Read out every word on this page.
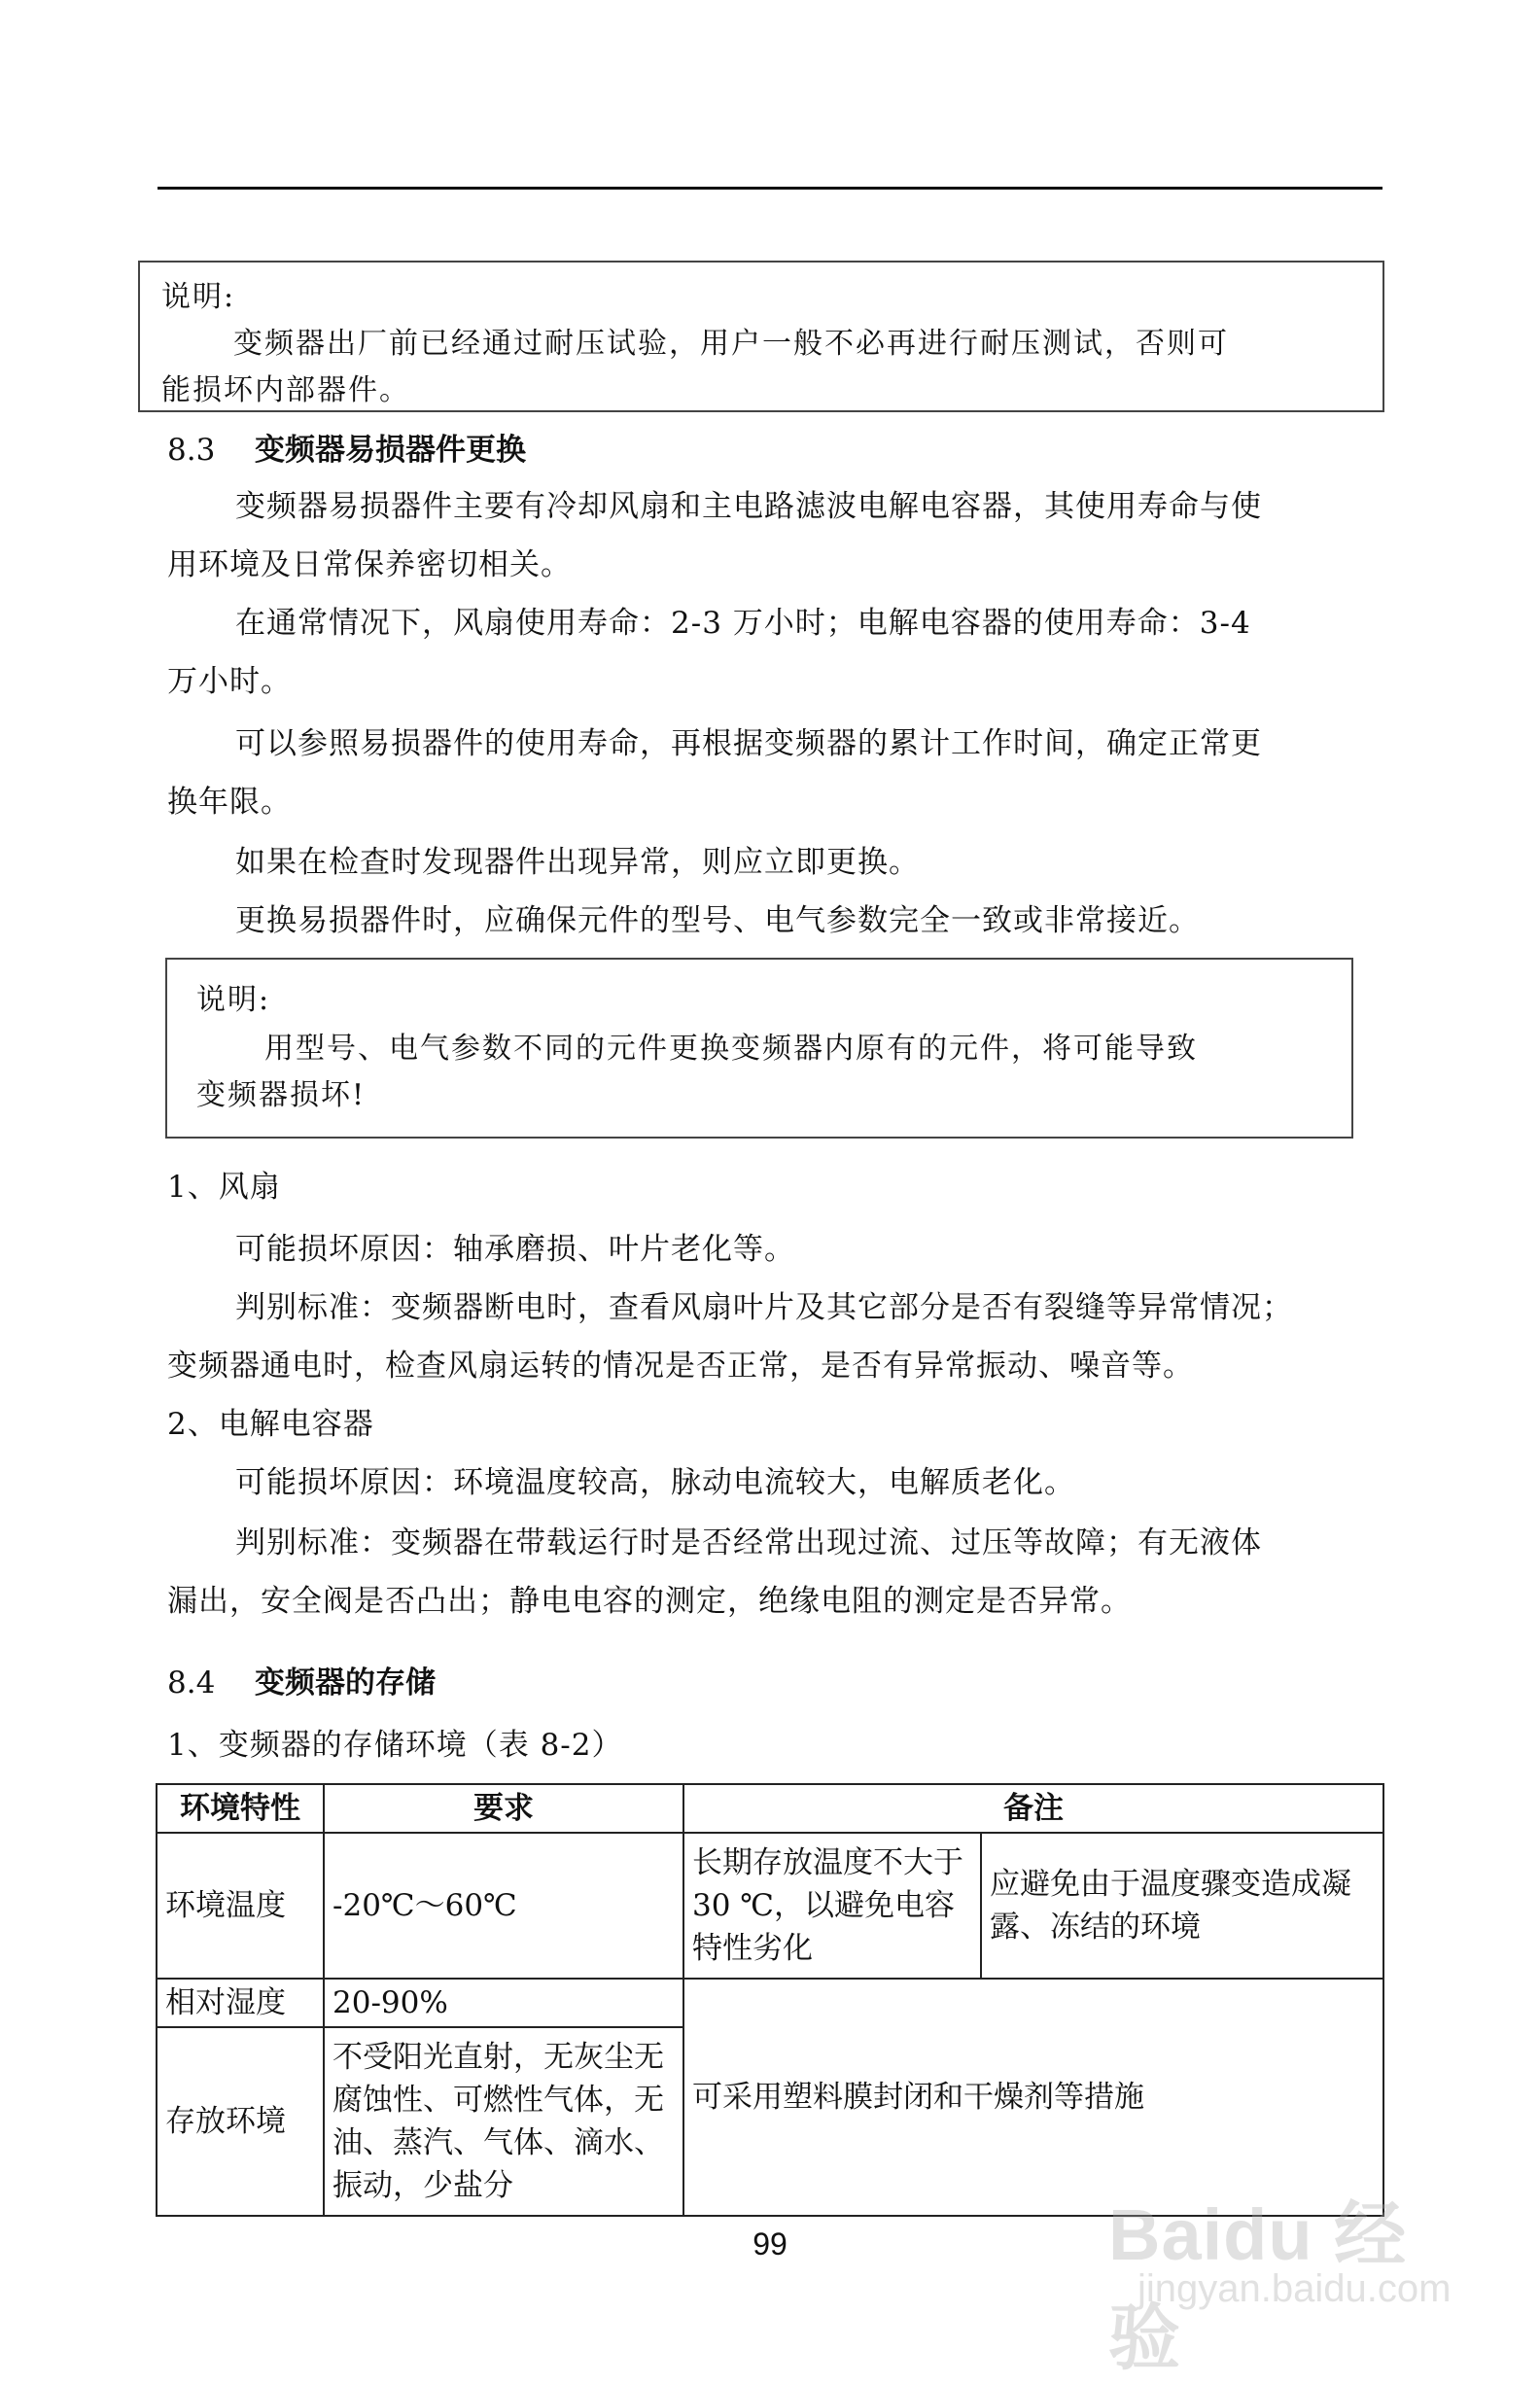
说明:
变频器出厂前已经通过耐压试验，用户一般不必再进行耐压测试，否则可
能损坏内部器件。
8.3 变频器易损器件更换
变频器易损器件主要有冷却风扇和主电路滤波电解电容器，其使用寿命与使
用环境及日常保养密切相关。
在通常情况下，风扇使用寿命：2-3 万小时；电解电容器的使用寿命：3-4
万小时。
可以参照易损器件的使用寿命，再根据变频器的累计工作时间，确定正常更
换年限。
如果在检查时发现器件出现异常，则应立即更换。
更换易损器件时，应确保元件的型号、电气参数完全一致或非常接近。
说明:
用型号、电气参数不同的元件更换变频器内原有的元件，将可能导致
变频器损坏!
1、风扇
可能损坏原因：轴承磨损、叶片老化等。
判别标准：变频器断电时，查看风扇叶片及其它部分是否有裂缝等异常情况；
变频器通电时，检查风扇运转的情况是否正常，是否有异常振动、噪音等。
2、电解电容器
可能损坏原因：环境温度较高，脉动电流较大，电解质老化。
判别标准：变频器在带载运行时是否经常出现过流、过压等故障；有无液体
漏出，安全阀是否凸出；静电电容的测定，绝缘电阻的测定是否异常。
8.4 变频器的存储
1、变频器的存储环境（表 8-2）
环境特性	要求	备注	
环境温度	-20℃～60℃	长期存放温度不大于 30 ℃，以避免电容特性劣化	应避免由于温度骤变造成凝露、冻结的环境
相对湿度	20-90%	可采用塑料膜封闭和干燥剂等措施	
存放环境	不受阳光直射，无灰尘无腐蚀性、可燃性气体，无油、蒸汽、气体、滴水、振动，少盐分		
99	Baidu 经验
jingyan.baidu.com
